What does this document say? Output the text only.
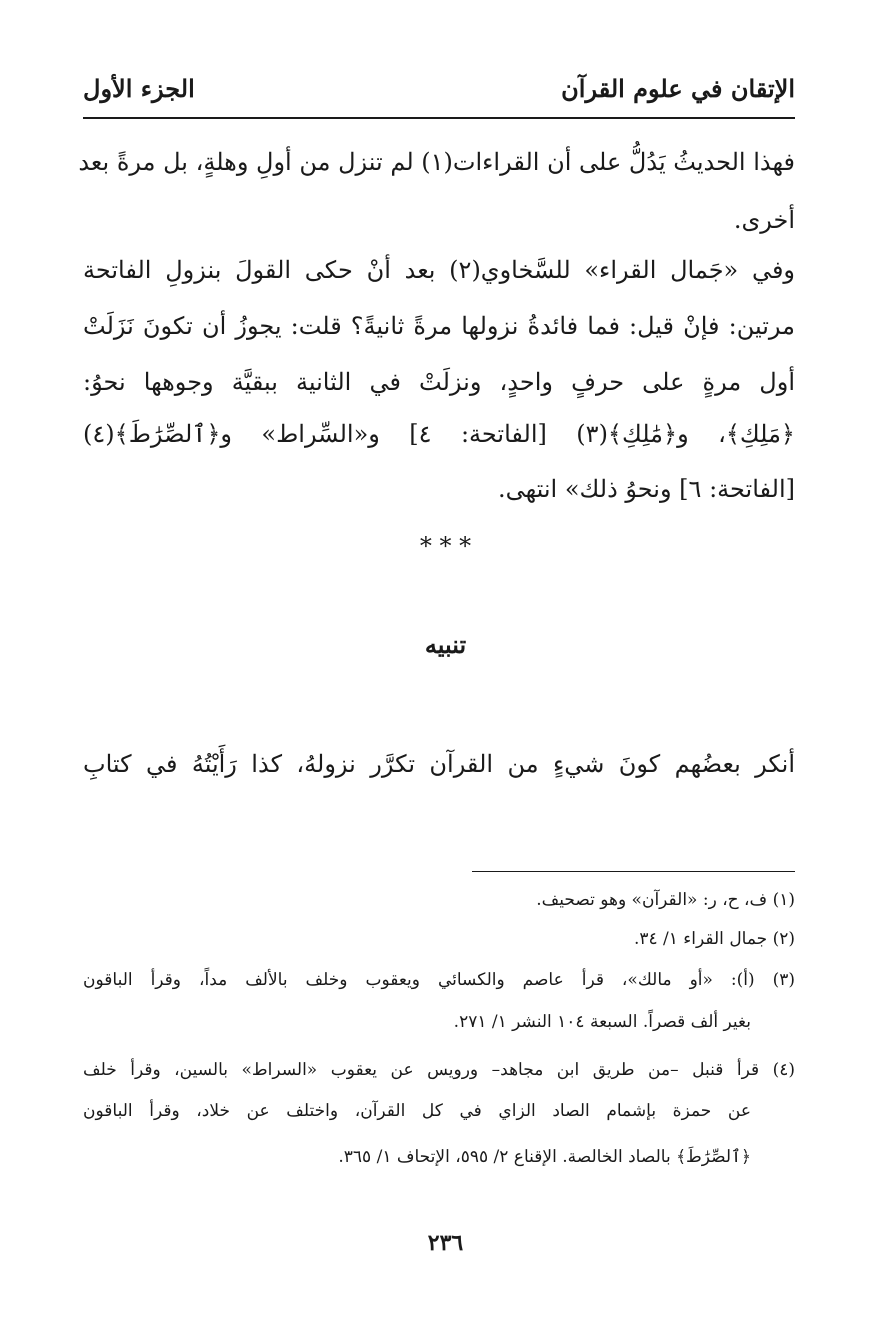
الإتقان في علوم القرآن
الجزء الأول
فهذا الحديثُ يَدُلُّ على أن القراءات(١) لم تنزل من أولِ وهلةٍ، بل مرةً بعد
أخرى.
وفي «جَمال القراء» للسَّخاوي(٢) بعد أنْ حكى القولَ بنزولِ الفاتحة
مرتين: فإنْ قيل: فما فائدةُ نزولها مرةً ثانيةً؟ قلت: يجوزُ أن تكونَ نَزَلَتْ
أول مرةٍ على حرفٍ واحدٍ، ونزلَتْ في الثانية ببقيَّة وجوهها نحوُ:
﴿مَلِكِ﴾، و﴿مَٰلِكِ﴾(٣) [الفاتحة: ٤] و«السِّراط» و﴿ٱلصِّرَٰطَ﴾(٤)
[الفاتحة: ٦] ونحوُ ذلك» انتهى.
* * *
تنبيه
أنكر بعضُهم كونَ شيءٍ من القرآن تكرَّر نزولهُ، كذا رَأَيْتُهُ في كتابِ
(١) ف، ح، ر: «القرآن» وهو تصحيف.
(٢) جمال القراء ١/ ٣٤.
(٣) (أ): «أو مالك»، قرأ عاصم والكسائي ويعقوب وخلف بالألف مداً، وقرأ الباقون
بغير ألف قصراً. السبعة ١٠٤ النشر ١/ ٢٧١.
(٤) قرأ قنبل –من طريق ابن مجاهد– ورويس عن يعقوب «السراط» بالسين، وقرأ خلف
عن حمزة بإشمام الصاد الزاي في كل القرآن، واختلف عن خلاد، وقرأ الباقون
﴿ٱلصِّرَٰطَ﴾ بالصاد الخالصة. الإقناع ٢/ ٥٩٥، الإتحاف ١/ ٣٦٥.
٢٣٦
